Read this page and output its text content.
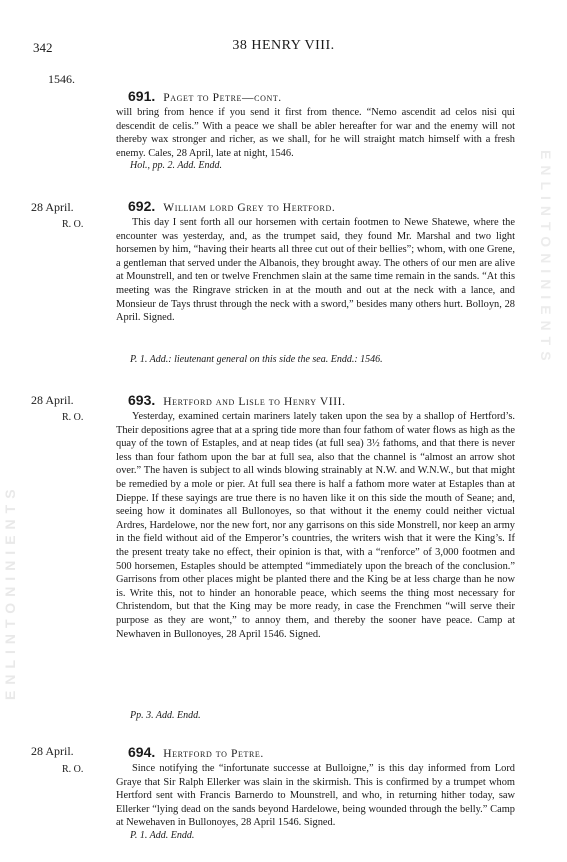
342	38 HENRY VIII.
ENLINTONINIENTS
ENLINTONINIENTS
1546.
691. Paget to Petre—cont.

will bring from hence if you send it first from thence. “Nemo ascendit ad celos nisi qui descendit de celis.” With a peace we shall be abler hereafter for war and the enemy will not thereby wax stronger and richer, as we shall, for he will straight match himself with a fresh enemy. Cales, 28 April, late at night, 1546.

Hol., pp. 2. Add. Endd.
28 April.
R. O.
692. William lord Grey to Hertford.

This day I sent forth all our horsemen with certain footmen to Newe Shatewe, where the encounter was yesterday, and, as the trumpet said, they found Mr. Marshal and two light horsemen by him, “having their hearts all three cut out of their bellies”; whom, with one Grene, a gentleman that served under the Albanois, they brought away. The others of our men are alive at Mounstrell, and ten or twelve Frenchmen slain at the same time remain in the sands. “At this meeting was the Ringrave stricken in at the mouth and out at the neck with a lance, and Monsieur de Tays thrust through the neck with a sword,” besides many others hurt. Bolloyn, 28 April. Signed.

P. 1. Add.: lieutenant general on this side the sea. Endd.: 1546.
28 April.
R. O.
693. Hertford and Lisle to Henry VIII.

Yesterday, examined certain mariners lately taken upon the sea by a shallop of Hertford’s. Their depositions agree that at a spring tide more than four fathom of water flows as high as the quay of the town of Estaples, and at neap tides (at full sea) 3½ fathoms, and that there is never less than four fathom upon the bar at full sea, also that the channel is “almost an arrow shot over.” The haven is subject to all winds blowing strainably at N.W. and W.N.W., but that might be remedied by a mole or pier. At full sea there is half a fathom more water at Estaples than at Dieppe. If these sayings are true there is no haven like it on this side the mouth of Seane; and, seeing how it dominates all Bullonoyes, so that without it the enemy could neither victual Ardres, Hardelowe, nor the new fort, nor any garrisons on this side Monstrell, nor keep an army in the field without aid of the Emperor’s countries, the writers wish that it were the King’s. If the present treaty take no effect, their opinion is that, with a “renforce” of 3,000 footmen and 500 horsemen, Estaples should be attempted “immediately upon the breach of the conclusion.” Garrisons from other places might be planted there and the King be at less charge than he now is. Write this, not to hinder an honorable peace, which seems the thing most necessary for Christendom, but that the King may be more ready, in case the Frenchmen “will serve their purpose as they are wont,” to annoy them, and thereby the sooner have peace. Camp at Newhaven in Bullonoyes, 28 April 1546. Signed.

Pp. 3. Add. Endd.
28 April.
R. O.
694. Hertford to Petre.

Since notifying the “infortunate successe at Bulloigne,” is this day informed from Lord Graye that Sir Ralph Ellerker was slain in the skirmish. This is confirmed by a trumpet whom Hertford sent with Francis Barnerdo to Mounstrell, and who, in returning hither today, saw Ellerker “lying dead on the sands beyond Hardelowe, being wounded through the belly.” Camp at Newehaven in Bullonoyes, 28 April 1546. Signed.

P. 1. Add. Endd.
